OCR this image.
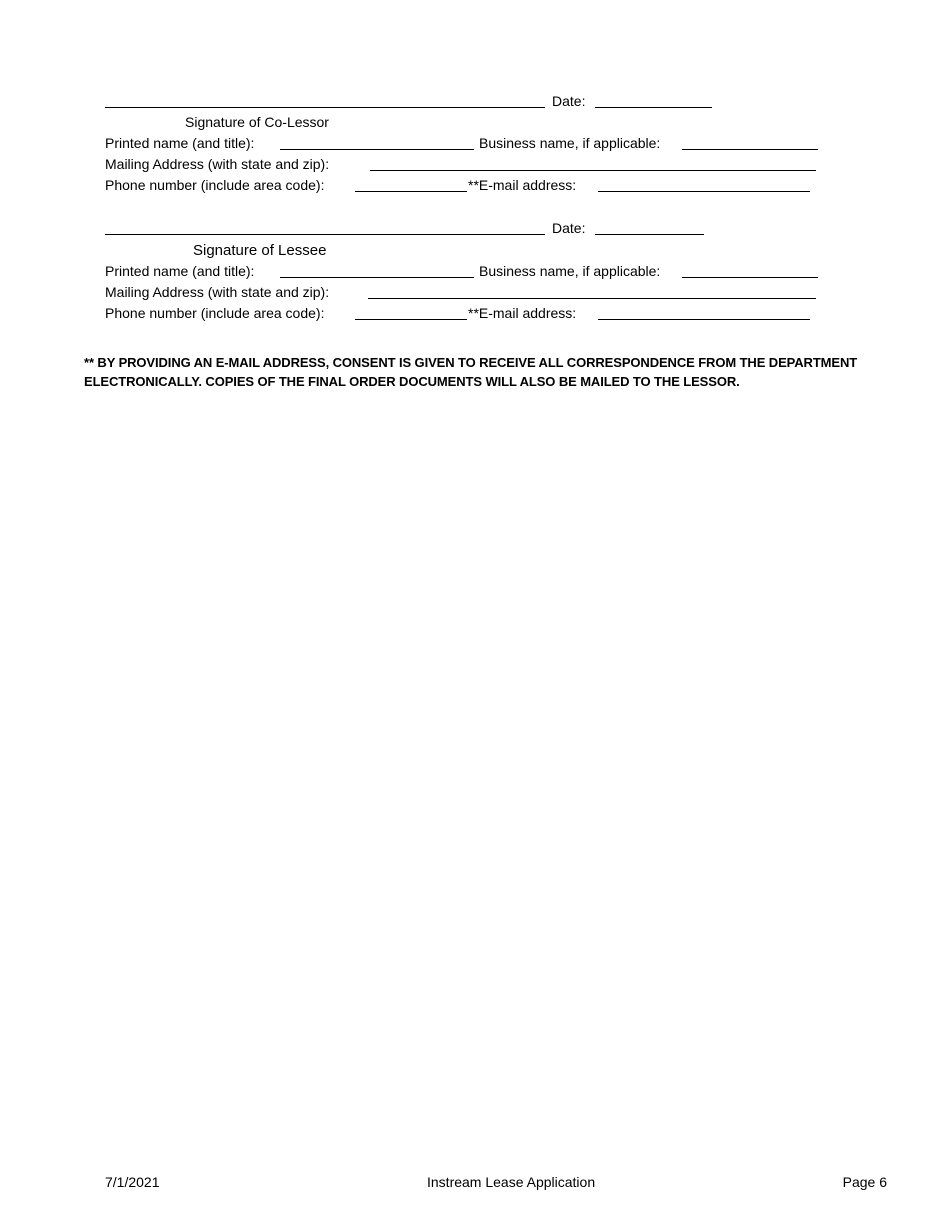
Date:
Signature of Co-Lessor
Printed name (and title):	Business name, if applicable:
Mailing Address (with state and zip):
Phone number (include area code):	**E-mail address:
Date:
Signature of Lessee
Printed name (and title):	Business name, if applicable:
Mailing Address (with state and zip):
Phone number (include area code):	**E-mail address:
** BY PROVIDING AN E-MAIL ADDRESS, CONSENT IS GIVEN TO RECEIVE ALL CORRESPONDENCE FROM THE DEPARTMENT ELECTRONICALLY. COPIES OF THE FINAL ORDER DOCUMENTS WILL ALSO BE MAILED TO THE LESSOR.
7/1/2021	Instream Lease Application	Page 6
